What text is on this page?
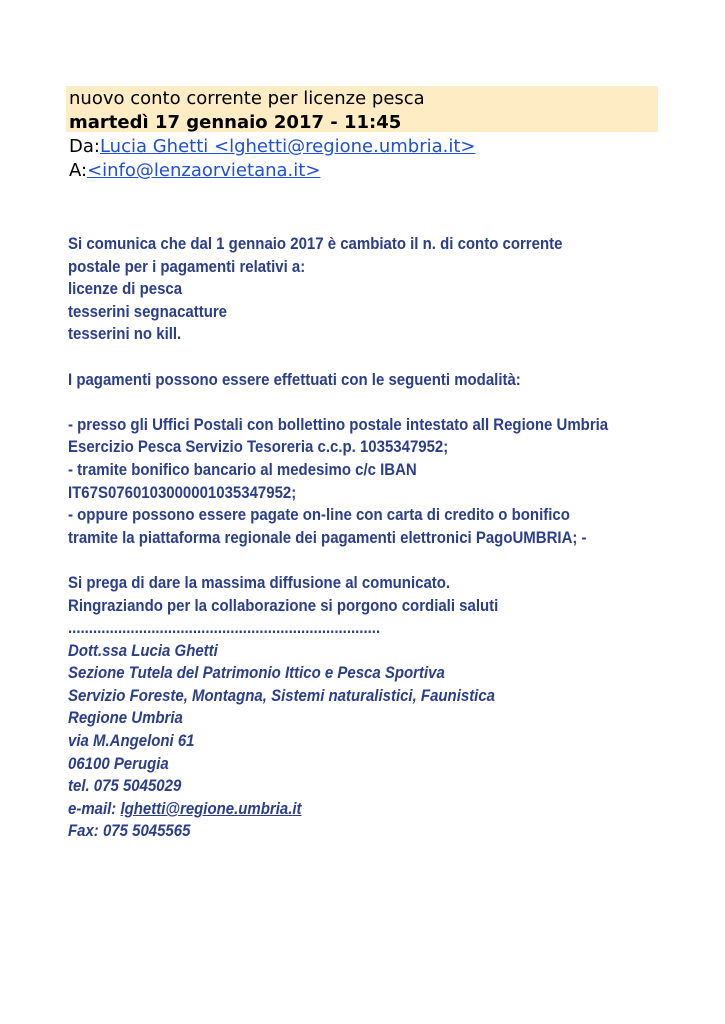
nuovo conto corrente per licenze pesca
martedì 17 gennaio 2017 - 11:45
Da:Lucia Ghetti <lghetti@regione.umbria.it>
A:<info@lenzaorvietana.it>
Si comunica che dal 1 gennaio 2017 è cambiato il n. di conto corrente
postale per i pagamenti relativi a:
licenze di pesca
tesserini segnacatture
tesserini no kill.
I pagamenti possono essere effettuati con le seguenti modalità:
- presso gli Uffici Postali con bollettino postale intestato all Regione Umbria
Esercizio Pesca Servizio Tesoreria c.c.p. 1035347952;
- tramite bonifico bancario al medesimo c/c IBAN
IT67S0760103000001035347952;
- oppure possono essere pagate on-line con carta di credito o bonifico
tramite la piattaforma regionale dei pagamenti elettronici PagoUMBRIA; -
Si prega di dare la massima diffusione al comunicato.
Ringraziando per la collaborazione si porgono cordiali saluti
...........................................................................
Dott.ssa Lucia Ghetti
Sezione Tutela del Patrimonio Ittico e Pesca Sportiva
Servizio Foreste, Montagna, Sistemi naturalistici, Faunistica
Regione Umbria
via M.Angeloni 61
06100 Perugia
tel. 075 5045029
e-mail: lghetti@regione.umbria.it
Fax: 075 5045565
